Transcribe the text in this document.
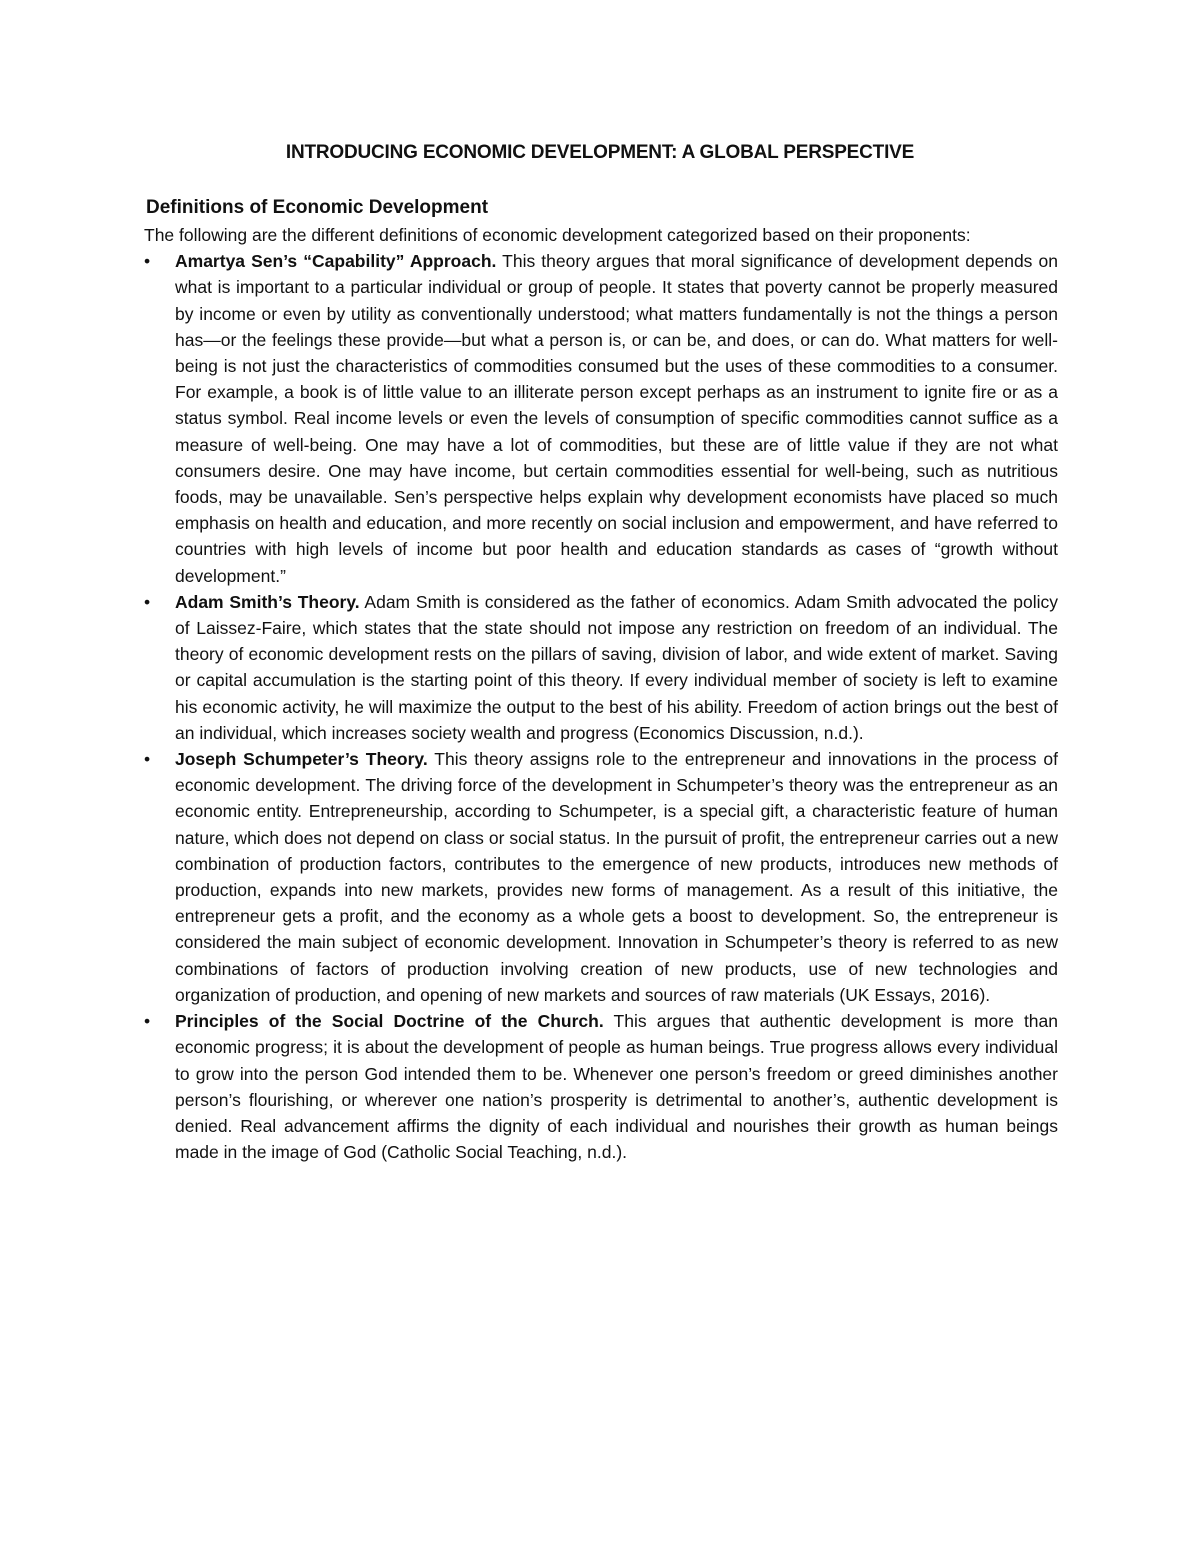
INTRODUCING ECONOMIC DEVELOPMENT: A GLOBAL PERSPECTIVE
Definitions of Economic Development

The following are the different definitions of economic development categorized based on their proponents:

• Amartya Sen’s “Capability” Approach. This theory argues that moral significance of development depends on what is important to a particular individual or group of people. It states that poverty cannot be properly measured by income or even by utility as conventionally understood; what matters fundamentally is not the things a person has—or the feelings these provide—but what a person is, or can be, and does, or can do. What matters for well-being is not just the characteristics of commodities consumed but the uses of these commodities to a consumer. For example, a book is of little value to an illiterate person except perhaps as an instrument to ignite fire or as a status symbol. Real income levels or even the levels of consumption of specific commodities cannot suffice as a measure of well-being. One may have a lot of commodities, but these are of little value if they are not what consumers desire. One may have income, but certain commodities essential for well-being, such as nutritious foods, may be unavailable. Sen’s perspective helps explain why development economists have placed so much emphasis on health and education, and more recently on social inclusion and empowerment, and have referred to countries with high levels of income but poor health and education standards as cases of “growth without development.”
• Adam Smith’s Theory. Adam Smith is considered as the father of economics. Adam Smith advocated the policy of Laissez-Faire, which states that the state should not impose any restriction on freedom of an individual. The theory of economic development rests on the pillars of saving, division of labor, and wide extent of market. Saving or capital accumulation is the starting point of this theory. If every individual member of society is left to examine his economic activity, he will maximize the output to the best of his ability. Freedom of action brings out the best of an individual, which increases society wealth and progress (Economics Discussion, n.d.).
• Joseph Schumpeter’s Theory. This theory assigns role to the entrepreneur and innovations in the process of economic development. The driving force of the development in Schumpeter’s theory was the entrepreneur as an economic entity. Entrepreneurship, according to Schumpeter, is a special gift, a characteristic feature of human nature, which does not depend on class or social status. In the pursuit of profit, the entrepreneur carries out a new combination of production factors, contributes to the emergence of new products, introduces new methods of production, expands into new markets, provides new forms of management. As a result of this initiative, the entrepreneur gets a profit, and the economy as a whole gets a boost to development. So, the entrepreneur is considered the main subject of economic development. Innovation in Schumpeter’s theory is referred to as new combinations of factors of production involving creation of new products, use of new technologies and organization of production, and opening of new markets and sources of raw materials (UK Essays, 2016).
• Principles of the Social Doctrine of the Church. This argues that authentic development is more than economic progress; it is about the development of people as human beings. True progress allows every individual to grow into the person God intended them to be. Whenever one person’s freedom or greed diminishes another person’s flourishing, or wherever one nation’s prosperity is detrimental to another’s, authentic development is denied. Real advancement affirms the dignity of each individual and nourishes their growth as human beings made in the image of God (Catholic Social Teaching, n.d.).
